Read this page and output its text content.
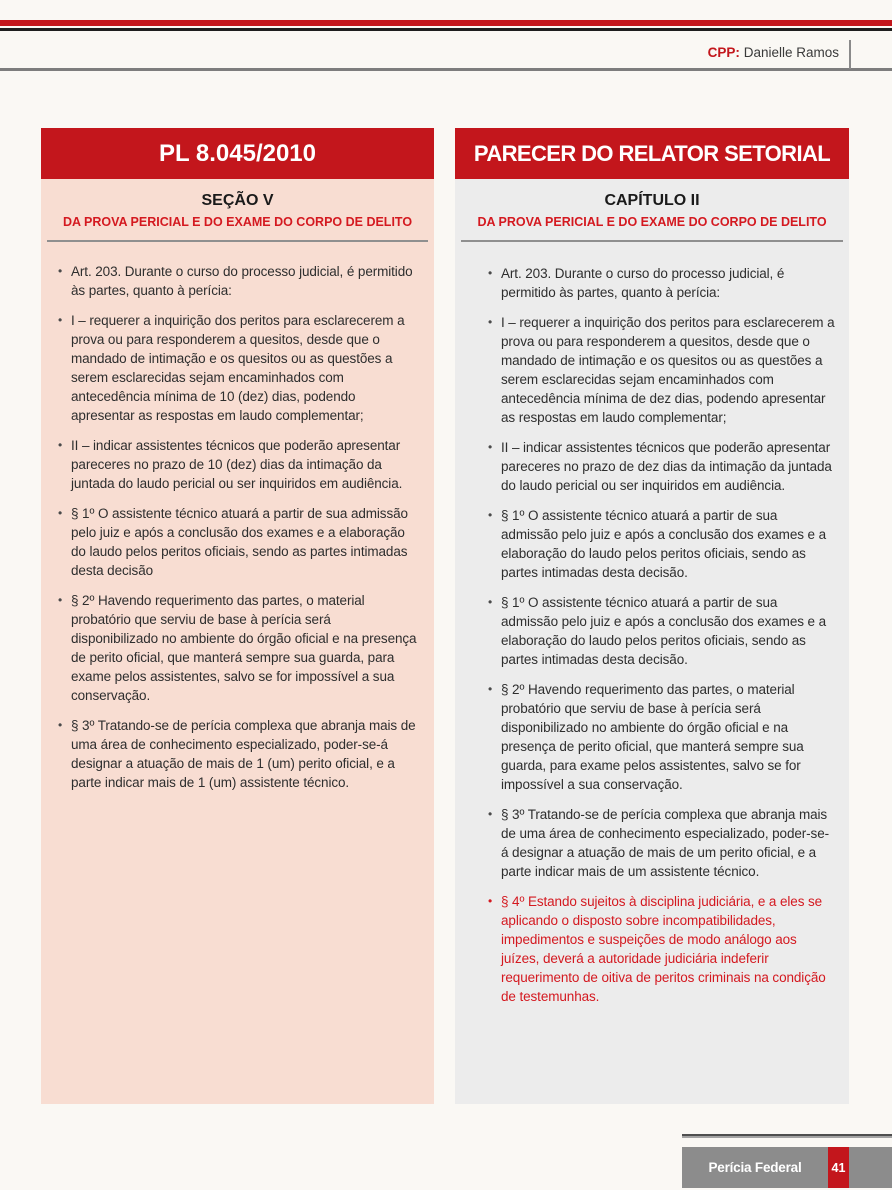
CPP: Danielle Ramos
PL 8.045/2010
SEÇÃO V
DA PROVA PERICIAL E DO EXAME DO CORPO DE DELITO
• Art. 203. Durante o curso do processo judicial, é permitido às partes, quanto à perícia:
• I – requerer a inquirição dos peritos para esclarecerem a prova ou para responderem a quesitos, desde que o mandado de intimação e os quesitos ou as questões a serem esclarecidas sejam encaminhados com antecedência mínima de 10 (dez) dias, podendo apresentar as respostas em laudo complementar;
• II – indicar assistentes técnicos que poderão apresentar pareceres no prazo de 10 (dez) dias da intimação da juntada do laudo pericial ou ser inquiridos em audiência.
• § 1º O assistente técnico atuará a partir de sua admissão pelo juiz e após a conclusão dos exames e a elaboração do laudo pelos peritos oficiais, sendo as partes intimadas desta decisão
• § 2º Havendo requerimento das partes, o material probatório que serviu de base à perícia será disponibilizado no ambiente do órgão oficial e na presença de perito oficial, que manterá sempre sua guarda, para exame pelos assistentes, salvo se for impossível a sua conservação.
• § 3º Tratando-se de perícia complexa que abranja mais de uma área de conhecimento especializado, poder-se-á designar a atuação de mais de 1 (um) perito oficial, e a parte indicar mais de 1 (um) assistente técnico.
PARECER DO RELATOR SETORIAL
CAPÍTULO II
DA PROVA PERICIAL E DO EXAME DO CORPO DE DELITO
• Art. 203. Durante o curso do processo judicial, é permitido às partes, quanto à perícia:
• I – requerer a inquirição dos peritos para esclarecerem a prova ou para responderem a quesitos, desde que o mandado de intimação e os quesitos ou as questões a serem esclarecidas sejam encaminhados com antecedência mínima de dez dias, podendo apresentar as respostas em laudo complementar;
• II – indicar assistentes técnicos que poderão apresentar pareceres no prazo de dez dias da intimação da juntada do laudo pericial ou ser inquiridos em audiência.
• § 1º O assistente técnico atuará a partir de sua admissão pelo juiz e após a conclusão dos exames e a elaboração do laudo pelos peritos oficiais, sendo as partes intimadas desta decisão.
• § 1º O assistente técnico atuará a partir de sua admissão pelo juiz e após a conclusão dos exames e a elaboração do laudo pelos peritos oficiais, sendo as partes intimadas desta decisão.
• § 2º Havendo requerimento das partes, o material probatório que serviu de base à perícia será disponibilizado no ambiente do órgão oficial e na presença de perito oficial, que manterá sempre sua guarda, para exame pelos assistentes, salvo se for impossível a sua conservação.
• § 3º Tratando-se de perícia complexa que abranja mais de uma área de conhecimento especializado, poder-se-á designar a atuação de mais de um perito oficial, e a parte indicar mais de um assistente técnico.
• § 4º Estando sujeitos à disciplina judiciária, e a eles se aplicando o disposto sobre incompatibilidades, impedimentos e suspeições de modo análogo aos juízes, deverá a autoridade judiciária indeferir requerimento de oitiva de peritos criminais na condição de testemunhas.
Perícia Federal	41
